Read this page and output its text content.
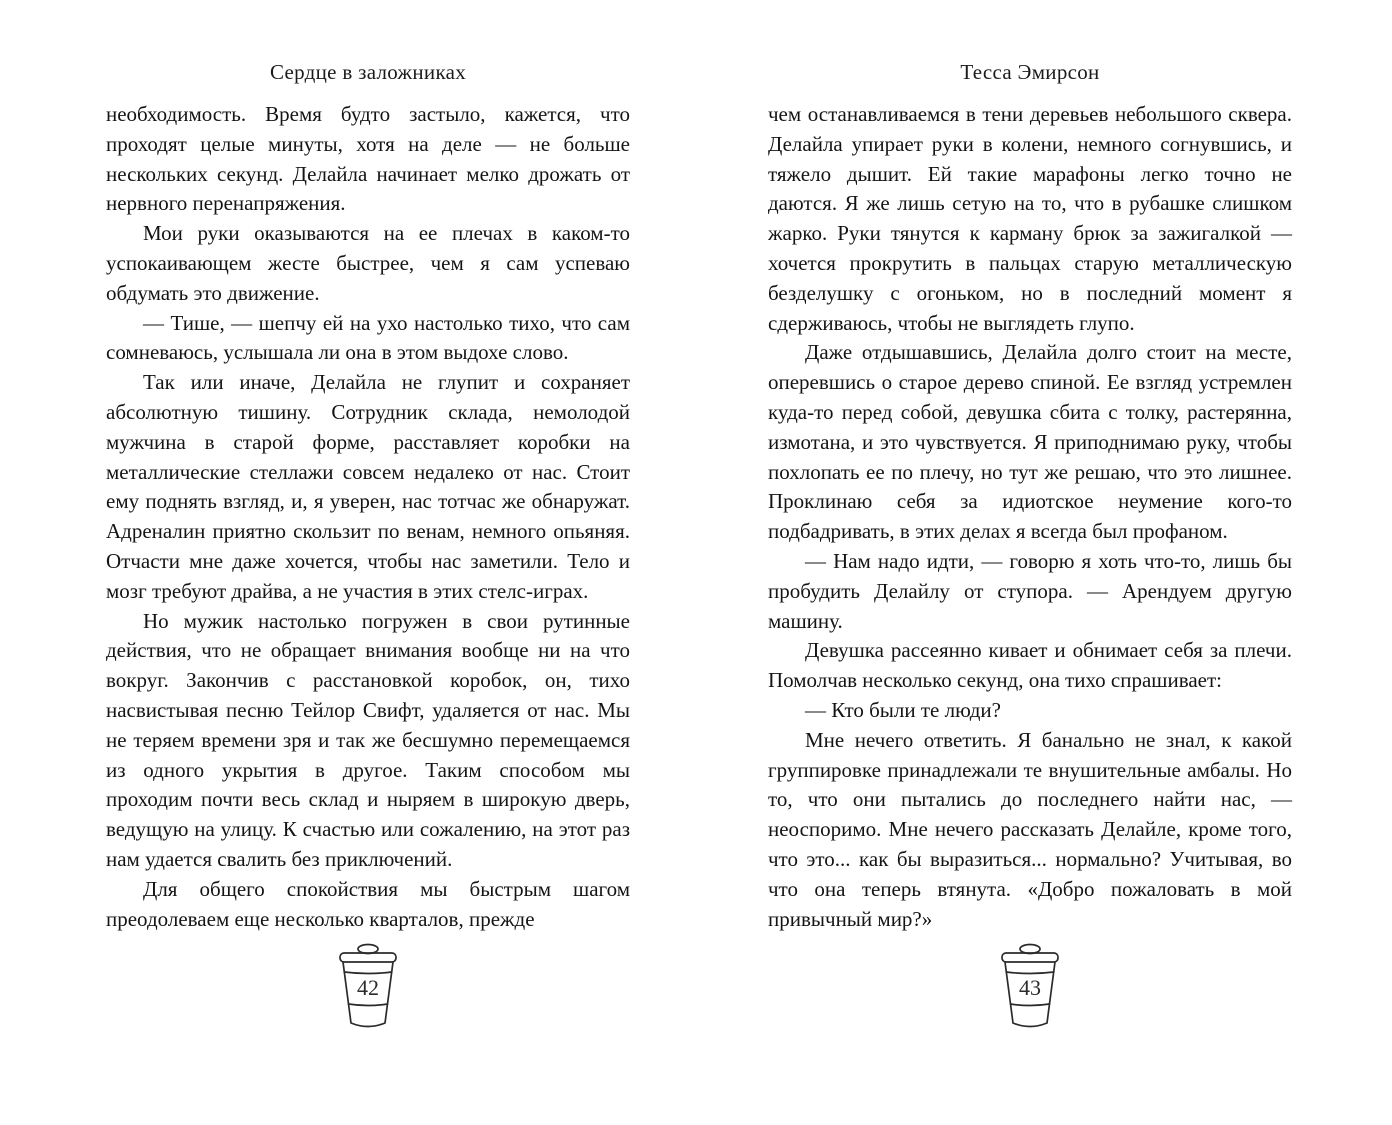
Сердце в заложниках

необходимость. Время будто застыло, кажется, что проходят целые минуты, хотя на деле — не больше нескольких секунд. Делайла начинает мелко дрожать от нервного перенапряжения.

Мои руки оказываются на ее плечах в каком-то успокаивающем жесте быстрее, чем я сам успеваю обдумать это движение.

— Тише, — шепчу ей на ухо настолько тихо, что сам сомневаюсь, услышала ли она в этом выдохе слово.

Так или иначе, Делайла не глупит и сохраняет абсолютную тишину. Сотрудник склада, немолодой мужчина в старой форме, расставляет коробки на металлические стеллажи совсем недалеко от нас. Стоит ему поднять взгляд, и, я уверен, нас тотчас же обнаружат. Адреналин приятно скользит по венам, немного опьяняя. Отчасти мне даже хочется, чтобы нас заметили. Тело и мозг требуют драйва, а не участия в этих стелс-играх.

Но мужик настолько погружен в свои рутинные действия, что не обращает внимания вообще ни на что вокруг. Закончив с расстановкой коробок, он, тихо насвистывая песню Тейлор Свифт, удаляется от нас. Мы не теряем времени зря и так же бесшумно перемещаемся из одного укрытия в другое. Таким способом мы проходим почти весь склад и ныряем в широкую дверь, ведущую на улицу. К счастью или сожалению, на этот раз нам удается свалить без приключений.

Для общего спокойствия мы быстрым шагом преодолеваем еще несколько кварталов, прежде

42
Тесса Эмирсон

чем останавливаемся в тени деревьев небольшого сквера. Делайла упирает руки в колени, немного согнувшись, и тяжело дышит. Ей такие марафоны легко точно не даются. Я же лишь сетую на то, что в рубашке слишком жарко. Руки тянутся к карману брюк за зажигалкой — хочется прокрутить в пальцах старую металлическую безделушку с огоньком, но в последний момент я сдерживаюсь, чтобы не выглядеть глупо.

Даже отдышавшись, Делайла долго стоит на месте, оперевшись о старое дерево спиной. Ее взгляд устремлен куда-то перед собой, девушка сбита с толку, растерянна, измотана, и это чувствуется. Я приподнимаю руку, чтобы похлопать ее по плечу, но тут же решаю, что это лишнее. Проклинаю себя за идиотское неумение кого-то подбадривать, в этих делах я всегда был профаном.

— Нам надо идти, — говорю я хоть что-то, лишь бы пробудить Делайлу от ступора. — Арендуем другую машину.

Девушка рассеянно кивает и обнимает себя за плечи. Помолчав несколько секунд, она тихо спрашивает:

— Кто были те люди?

Мне нечего ответить. Я банально не знал, к какой группировке принадлежали те внушительные амбалы. Но то, что они пытались до последнего найти нас, — неоспоримо. Мне нечего рассказать Делайле, кроме того, что это... как бы выразиться... нормально? Учитывая, во что она теперь втянута. «Добро пожаловать в мой привычный мир?»

43
